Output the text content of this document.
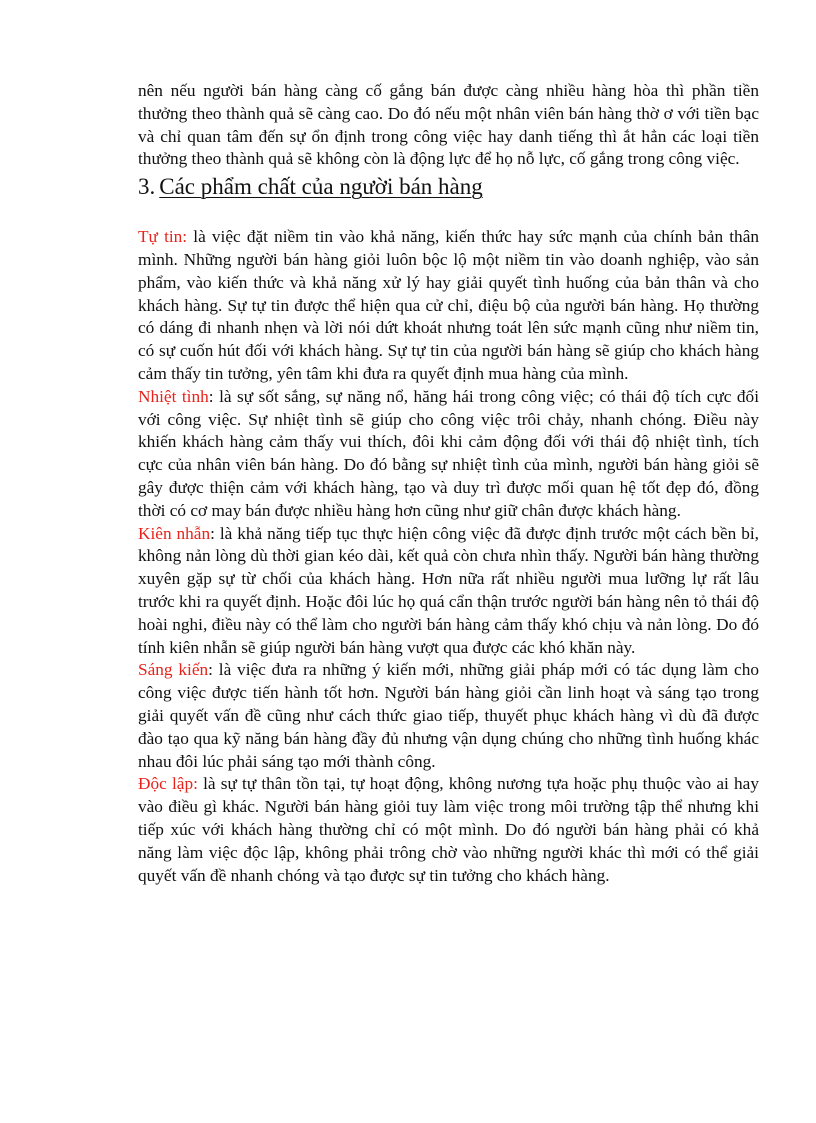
nên nếu người bán hàng càng cố gắng bán được càng nhiều hàng hòa thì phần tiền thưởng theo thành quả sẽ càng cao. Do đó nếu một nhân viên bán hàng thờ ơ với tiền bạc và chỉ quan tâm đến sự ổn định trong công việc hay danh tiếng thì ắt hẳn các loại tiền thưởng theo thành quả sẽ không còn là động lực để họ nỗ lực, cố gắng trong công việc.

3. Các phẩm chất của người bán hàng

Tự tin: là việc đặt niềm tin vào khả năng, kiến thức hay sức mạnh của chính bản thân mình. Những người bán hàng giỏi luôn bộc lộ một niềm tin vào doanh nghiệp, vào sản phẩm, vào kiến thức và khả năng xử lý hay giải quyết tình huống của bản thân và cho khách hàng. Sự tự tin được thể hiện qua cử chỉ, điệu bộ của người bán hàng. Họ thường có dáng đi nhanh nhẹn và lời nói dứt khoát nhưng toát lên sức mạnh cũng như niềm tin, có sự cuốn hút đối với khách hàng. Sự tự tin của người bán hàng sẽ giúp cho khách hàng cảm thấy tin tưởng, yên tâm khi đưa ra quyết định mua hàng của mình.

Nhiệt tình: là sự sốt sắng, sự năng nổ, hăng hái trong công việc; có thái độ tích cực đối với công việc. Sự nhiệt tình sẽ giúp cho công việc trôi chảy, nhanh chóng. Điều này khiến khách hàng cảm thấy vui thích, đôi khi cảm động đối với thái độ nhiệt tình, tích cực của nhân viên bán hàng. Do đó bằng sự nhiệt tình của mình, người bán hàng giỏi sẽ gây được thiện cảm với khách hàng, tạo và duy trì được mối quan hệ tốt đẹp đó, đồng thời có cơ may bán được nhiều hàng hơn cũng như giữ chân được khách hàng.

Kiên nhẫn: là khả năng tiếp tục thực hiện công việc đã được định trước một cách bền bỉ, không nản lòng dù thời gian kéo dài, kết quả còn chưa nhìn thấy. Người bán hàng thường xuyên gặp sự từ chối của khách hàng. Hơn nữa rất nhiều người mua lưỡng lự rất lâu trước khi ra quyết định. Hoặc đôi lúc họ quá cẩn thận trước người bán hàng nên tỏ thái độ hoài nghi, điều này có thể làm cho người bán hàng cảm thấy khó chịu và nản lòng. Do đó tính kiên nhẫn sẽ giúp người bán hàng vượt qua được các khó khăn này.

Sáng kiến: là việc đưa ra những ý kiến mới, những giải pháp mới có tác dụng làm cho công việc được tiến hành tốt hơn. Người bán hàng giỏi cần linh hoạt và sáng tạo trong giải quyết vấn đề cũng như cách thức giao tiếp, thuyết phục khách hàng vì dù đã được đào tạo qua kỹ năng bán hàng đầy đủ nhưng vận dụng chúng cho những tình huống khác nhau đôi lúc phải sáng tạo mới thành công.

Độc lập: là sự tự thân tồn tại, tự hoạt động, không nương tựa hoặc phụ thuộc vào ai hay vào điều gì khác. Người bán hàng giỏi tuy làm việc trong môi trường tập thể nhưng khi tiếp xúc với khách hàng thường chỉ có một mình. Do đó người bán hàng phải có khả năng làm việc độc lập, không phải trông chờ vào những người khác thì mới có thể giải quyết vấn đề nhanh chóng và tạo được sự tin tưởng cho khách hàng.
